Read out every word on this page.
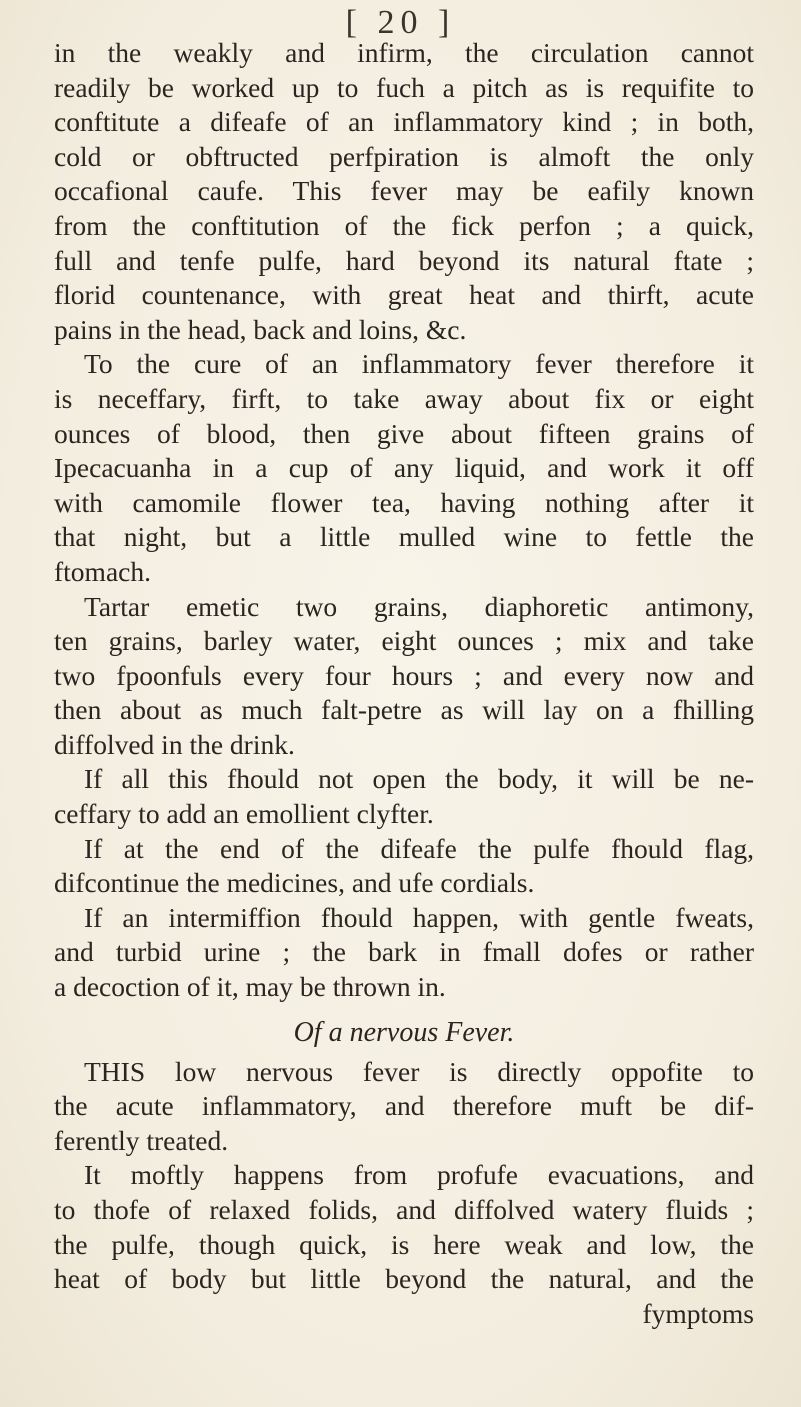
[ 20 ]
in the weakly and infirm, the circulation cannot
readily be worked up to fuch a pitch as is requifite to
conftitute a difeafe of an inflammatory kind ; in both,
cold or obftructed perfpiration is almoft the only
occafional caufe. This fever may be eafily known
from the conftitution of the fick perfon ; a quick,
full and tenfe pulfe, hard beyond its natural ftate ;
florid countenance, with great heat and thirft, acute
pains in the head, back and loins, &c.
To the cure of an inflammatory fever therefore it
is neceffary, firft, to take away about fix or eight
ounces of blood, then give about fifteen grains of
Ipecacuanha in a cup of any liquid, and work it off
with camomile flower tea, having nothing after it
that night, but a little mulled wine to fettle the
ftomach.
Tartar emetic two grains, diaphoretic antimony,
ten grains, barley water, eight ounces ; mix and take
two fpoonfuls every four hours ; and every now and
then about as much falt-petre as will lay on a fhilling
diffolved in the drink.
If all this fhould not open the body, it will be ne-
ceffary to add an emollient clyfter.
If at the end of the difeafe the pulfe fhould flag,
difcontinue the medicines, and ufe cordials.
If an intermiffion fhould happen, with gentle fweats,
and turbid urine ; the bark in fmall dofes or rather
a decoction of it, may be thrown in.
Of a nervous Fever.
THIS low nervous fever is directly oppofite to
the acute inflammatory, and therefore muft be dif-
ferently treated.
It moftly happens from profufe evacuations, and
to thofe of relaxed folids, and diffolved watery fluids ;
the pulfe, though quick, is here weak and low, the
heat of body but little beyond the natural, and the
fymptoms
